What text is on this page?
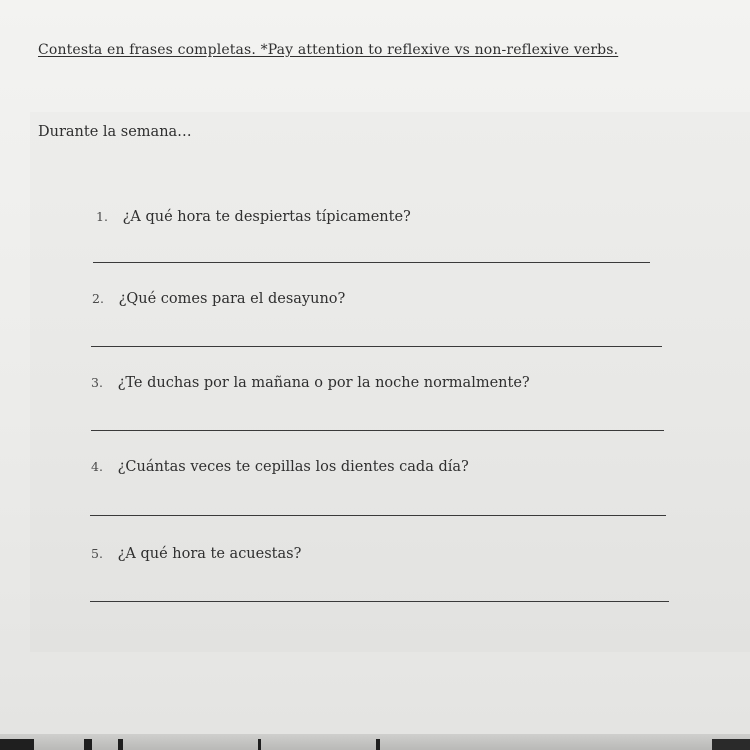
Contesta en frases completas. *Pay attention to reflexive vs non-reflexive verbs.
Durante la semana…
1. ¿A qué hora te despiertas típicamente?
2. ¿Qué comes para el desayuno?
3. ¿Te duchas por la mañana o por la noche normalmente?
4. ¿Cuántas veces te cepillas los dientes cada día?
5. ¿A qué hora te acuestas?
